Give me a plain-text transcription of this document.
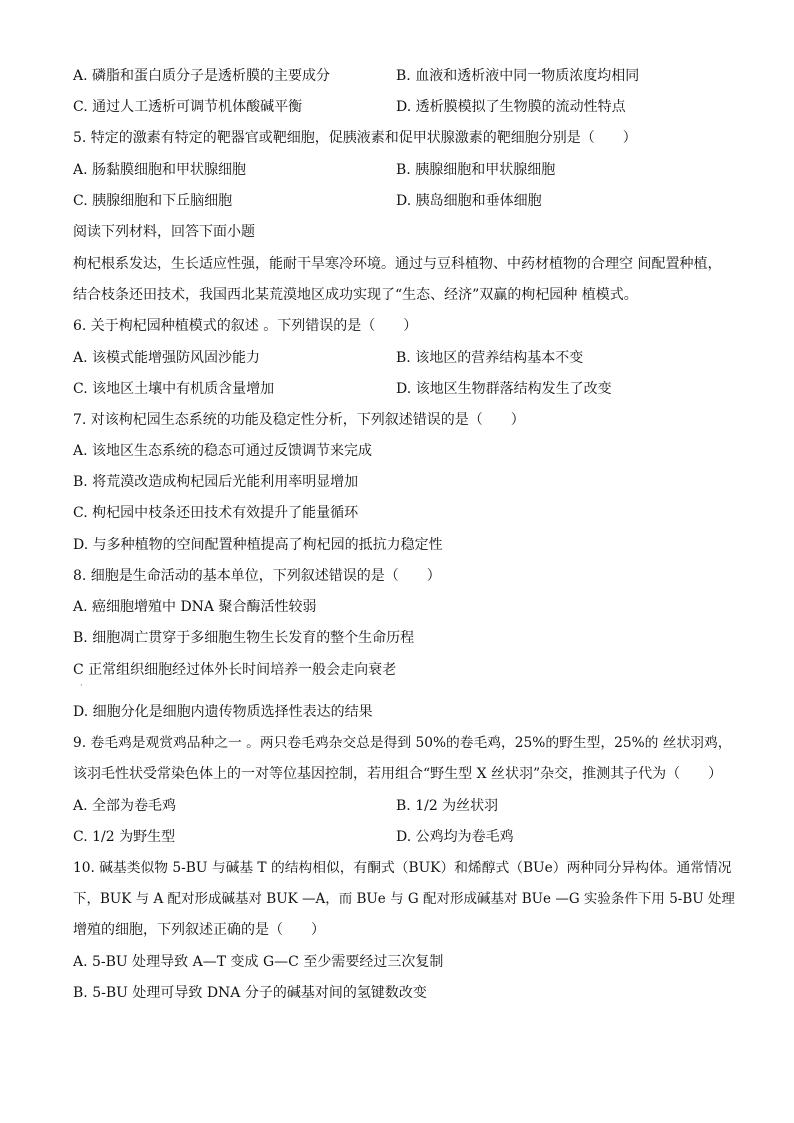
A. 磷脂和蛋白质分子是透析膜的主要成分	B. 血液和透析液中同一物质浓度均相同
C. 通过人工透析可调节机体酸碱平衡	D. 透析膜模拟了生物膜的流动性特点
5. 特定的激素有特定的靶器官或靶细胞，促胰液素和促甲状腺激素的靶细胞分别是（　　）
A. 肠黏膜细胞和甲状腺细胞	B. 胰腺细胞和甲状腺细胞
C. 胰腺细胞和下丘脑细胞	D. 胰岛细胞和垂体细胞
阅读下列材料，回答下面小题
枸杞根系发达，生长适应性强，能耐干旱寒冷环境。通过与豆科植物、中药材植物的合理空 间配置种植，
结合枝条还田技术，我国西北某荒漠地区成功实现了“生态、经济”双赢的枸杞园种 植模式。
6. 关于枸杞园种植模式的叙述 。下列错误的是（　　）
A. 该模式能增强防风固沙能力	B. 该地区的营养结构基本不变
C. 该地区土壤中有机质含量增加	D. 该地区生物群落结构发生了改变
7. 对该枸杞园生态系统的功能及稳定性分析，下列叙述错误的是（　　）
A. 该地区生态系统的稳态可通过反馈调节来完成
B. 将荒漠改造成枸杞园后光能利用率明显增加
C. 枸杞园中枝条还田技术有效提升了能量循环
D. 与多种植物的空间配置种植提高了枸杞园的抵抗力稳定性
8. 细胞是生命活动的基本单位，下列叙述错误的是（　　）
A. 癌细胞增殖中 DNA 聚合酶活性较弱
B. 细胞凋亡贯穿于多细胞生物生长发育的整个生命历程
C 正常组织细胞经过体外长时间培养一般会走向衰老
·
D. 细胞分化是细胞内遗传物质选择性表达的结果
9. 卷毛鸡是观赏鸡品种之一 。两只卷毛鸡杂交总是得到 50%的卷毛鸡，25%的野生型，25%的 丝状羽鸡，
该羽毛性状受常染色体上的一对等位基因控制，若用组合“野生型 X 丝状羽”杂交，推测其子代为（　　）
A. 全部为卷毛鸡	B. 1/2 为丝状羽
C. 1/2 为野生型	D. 公鸡均为卷毛鸡
10. 碱基类似物 5-BU 与碱基 T 的结构相似，有酮式（BUK）和烯醇式（BUe）两种同分异构体。通常情况
下，BUK 与 A 配对形成碱基对 BUK —A，而 BUe 与 G 配对形成碱基对 BUe —G 实验条件下用 5-BU 处理
增殖的细胞，下列叙述正确的是（　　）
A. 5-BU 处理导致 A—T 变成 G—C 至少需要经过三次复制
B. 5-BU 处理可导致 DNA 分子的碱基对间的氢键数改变
